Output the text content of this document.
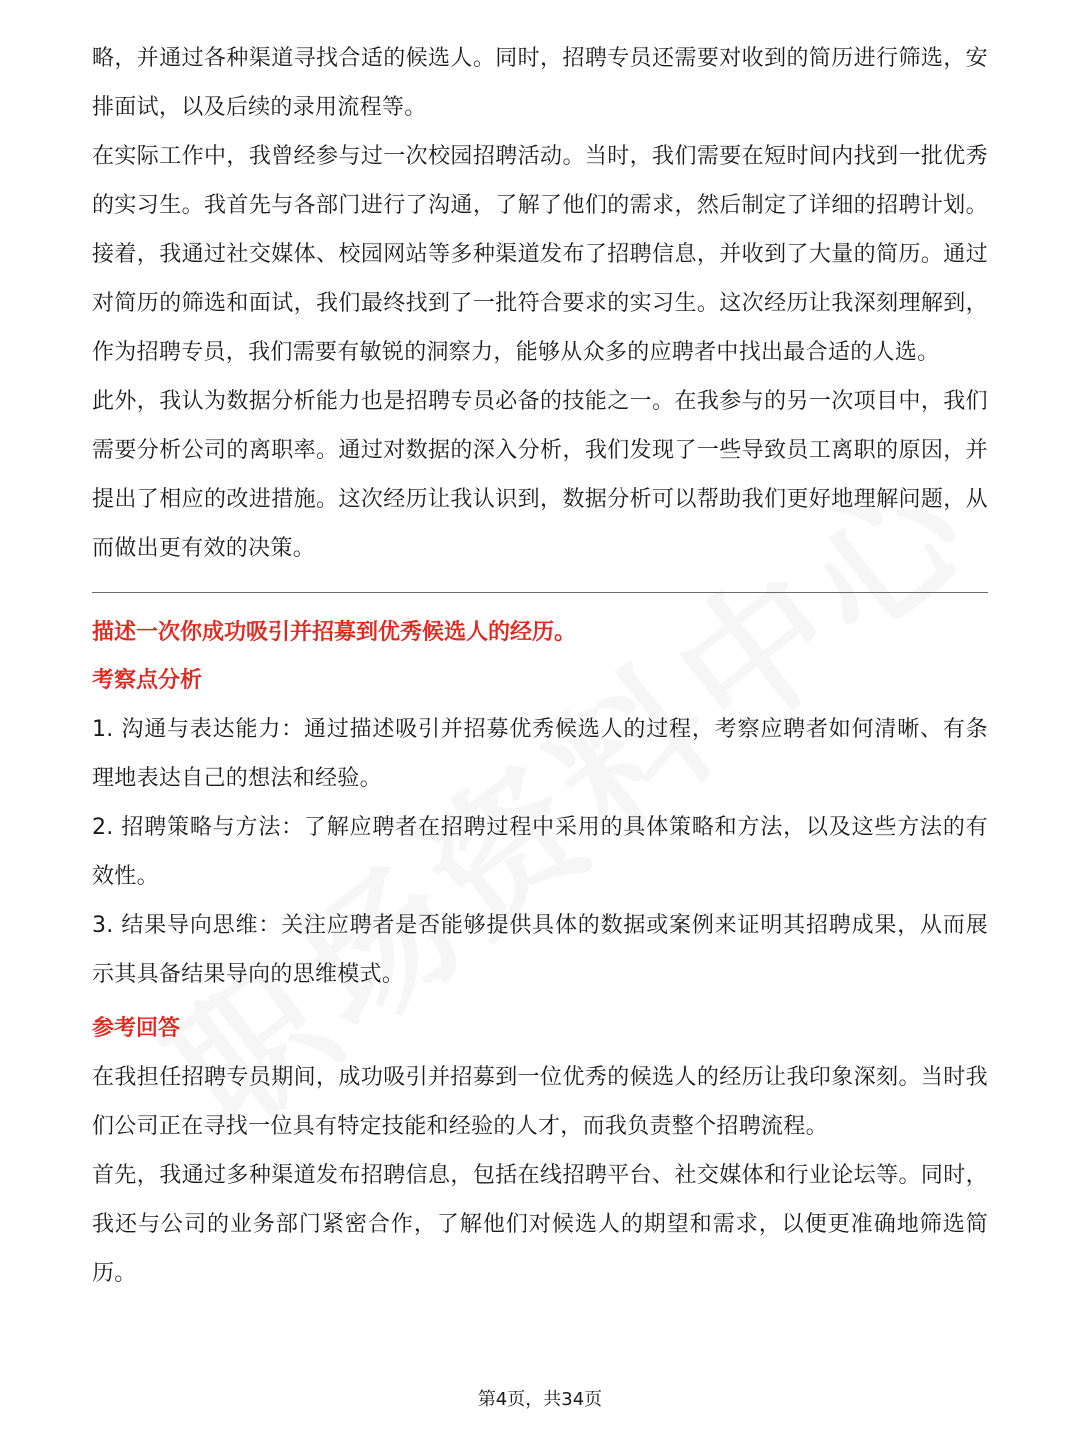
略，并通过各种渠道寻找合适的候选人。同时，招聘专员还需要对收到的简历进行筛选，安排面试，以及后续的录用流程等。

在实际工作中，我曾经参与过一次校园招聘活动。当时，我们需要在短时间内找到一批优秀的实习生。我首先与各部门进行了沟通，了解了他们的需求，然后制定了详细的招聘计划。接着，我通过社交媒体、校园网站等多种渠道发布了招聘信息，并收到了大量的简历。通过对简历的筛选和面试，我们最终找到了一批符合要求的实习生。这次经历让我深刻理解到，作为招聘专员，我们需要有敏锐的洞察力，能够从众多的应聘者中找出最合适的人选。

此外，我认为数据分析能力也是招聘专员必备的技能之一。在我参与的另一次项目中，我们需要分析公司的离职率。通过对数据的深入分析，我们发现了一些导致员工离职的原因，并提出了相应的改进措施。这次经历让我认识到，数据分析可以帮助我们更好地理解问题，从而做出更有效的决策。

描述一次你成功吸引并招募到优秀候选人的经历。

考察点分析

1. 沟通与表达能力：通过描述吸引并招募优秀候选人的过程，考察应聘者如何清晰、有条理地表达自己的想法和经验。

2. 招聘策略与方法：了解应聘者在招聘过程中采用的具体策略和方法，以及这些方法的有效性。

3. 结果导向思维：关注应聘者是否能够提供具体的数据或案例来证明其招聘成果，从而展示其具备结果导向的思维模式。

参考回答

在我担任招聘专员期间，成功吸引并招募到一位优秀的候选人的经历让我印象深刻。当时我们公司正在寻找一位具有特定技能和经验的人才，而我负责整个招聘流程。

首先，我通过多种渠道发布招聘信息，包括在线招聘平台、社交媒体和行业论坛等。同时，我还与公司的业务部门紧密合作，了解他们对候选人的期望和需求，以便更准确地筛选简历。

第4页，共34页
